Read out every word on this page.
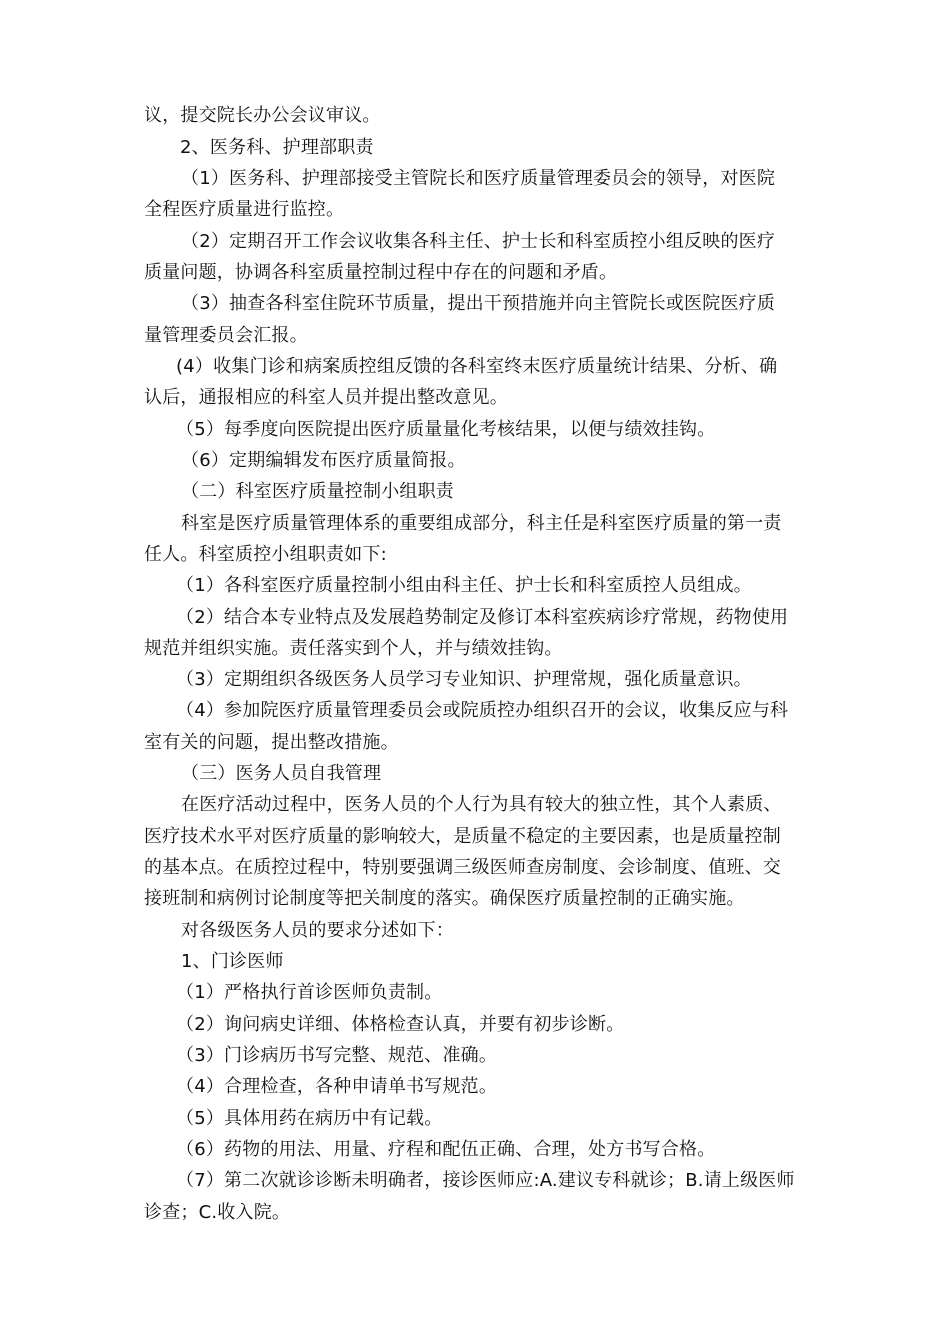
议，提交院长办公会议审议。
2、医务科、护理部职责
（1）医务科、护理部接受主管院长和医疗质量管理委员会的领导，对医院
全程医疗质量进行监控。
（2）定期召开工作会议收集各科主任、护士长和科室质控小组反映的医疗
质量问题，协调各科室质量控制过程中存在的问题和矛盾。
（3）抽查各科室住院环节质量，提出干预措施并向主管院长或医院医疗质
量管理委员会汇报。
(4）收集门诊和病案质控组反馈的各科室终末医疗质量统计结果、分析、确
认后，通报相应的科室人员并提出整改意见。
（5）每季度向医院提出医疗质量量化考核结果，以便与绩效挂钩。
（6）定期编辑发布医疗质量简报。
（二）科室医疗质量控制小组职责
科室是医疗质量管理体系的重要组成部分，科主任是科室医疗质量的第一责
任人。科室质控小组职责如下:
（1）各科室医疗质量控制小组由科主任、护士长和科室质控人员组成。
（2）结合本专业特点及发展趋势制定及修订本科室疾病诊疗常规，药物使用
规范并组织实施。责任落实到个人，并与绩效挂钩。
（3）定期组织各级医务人员学习专业知识、护理常规，强化质量意识。
（4）参加院医疗质量管理委员会或院质控办组织召开的会议，收集反应与科
室有关的问题，提出整改措施。
（三）医务人员自我管理
在医疗活动过程中，医务人员的个人行为具有较大的独立性，其个人素质、
医疗技术水平对医疗质量的影响较大，是质量不稳定的主要因素，也是质量控制
的基本点。在质控过程中，特别要强调三级医师查房制度、会诊制度、值班、交
接班制和病例讨论制度等把关制度的落实。确保医疗质量控制的正确实施。
对各级医务人员的要求分述如下：
1、门诊医师
（1）严格执行首诊医师负责制。
（2）询问病史详细、体格检查认真，并要有初步诊断。
（3）门诊病历书写完整、规范、准确。
（4）合理检查，各种申请单书写规范。
（5）具体用药在病历中有记载。
（6）药物的用法、用量、疗程和配伍正确、合理，处方书写合格。
（7）第二次就诊诊断未明确者，接诊医师应:A.建议专科就诊；B.请上级医师
诊查；C.收入院。
